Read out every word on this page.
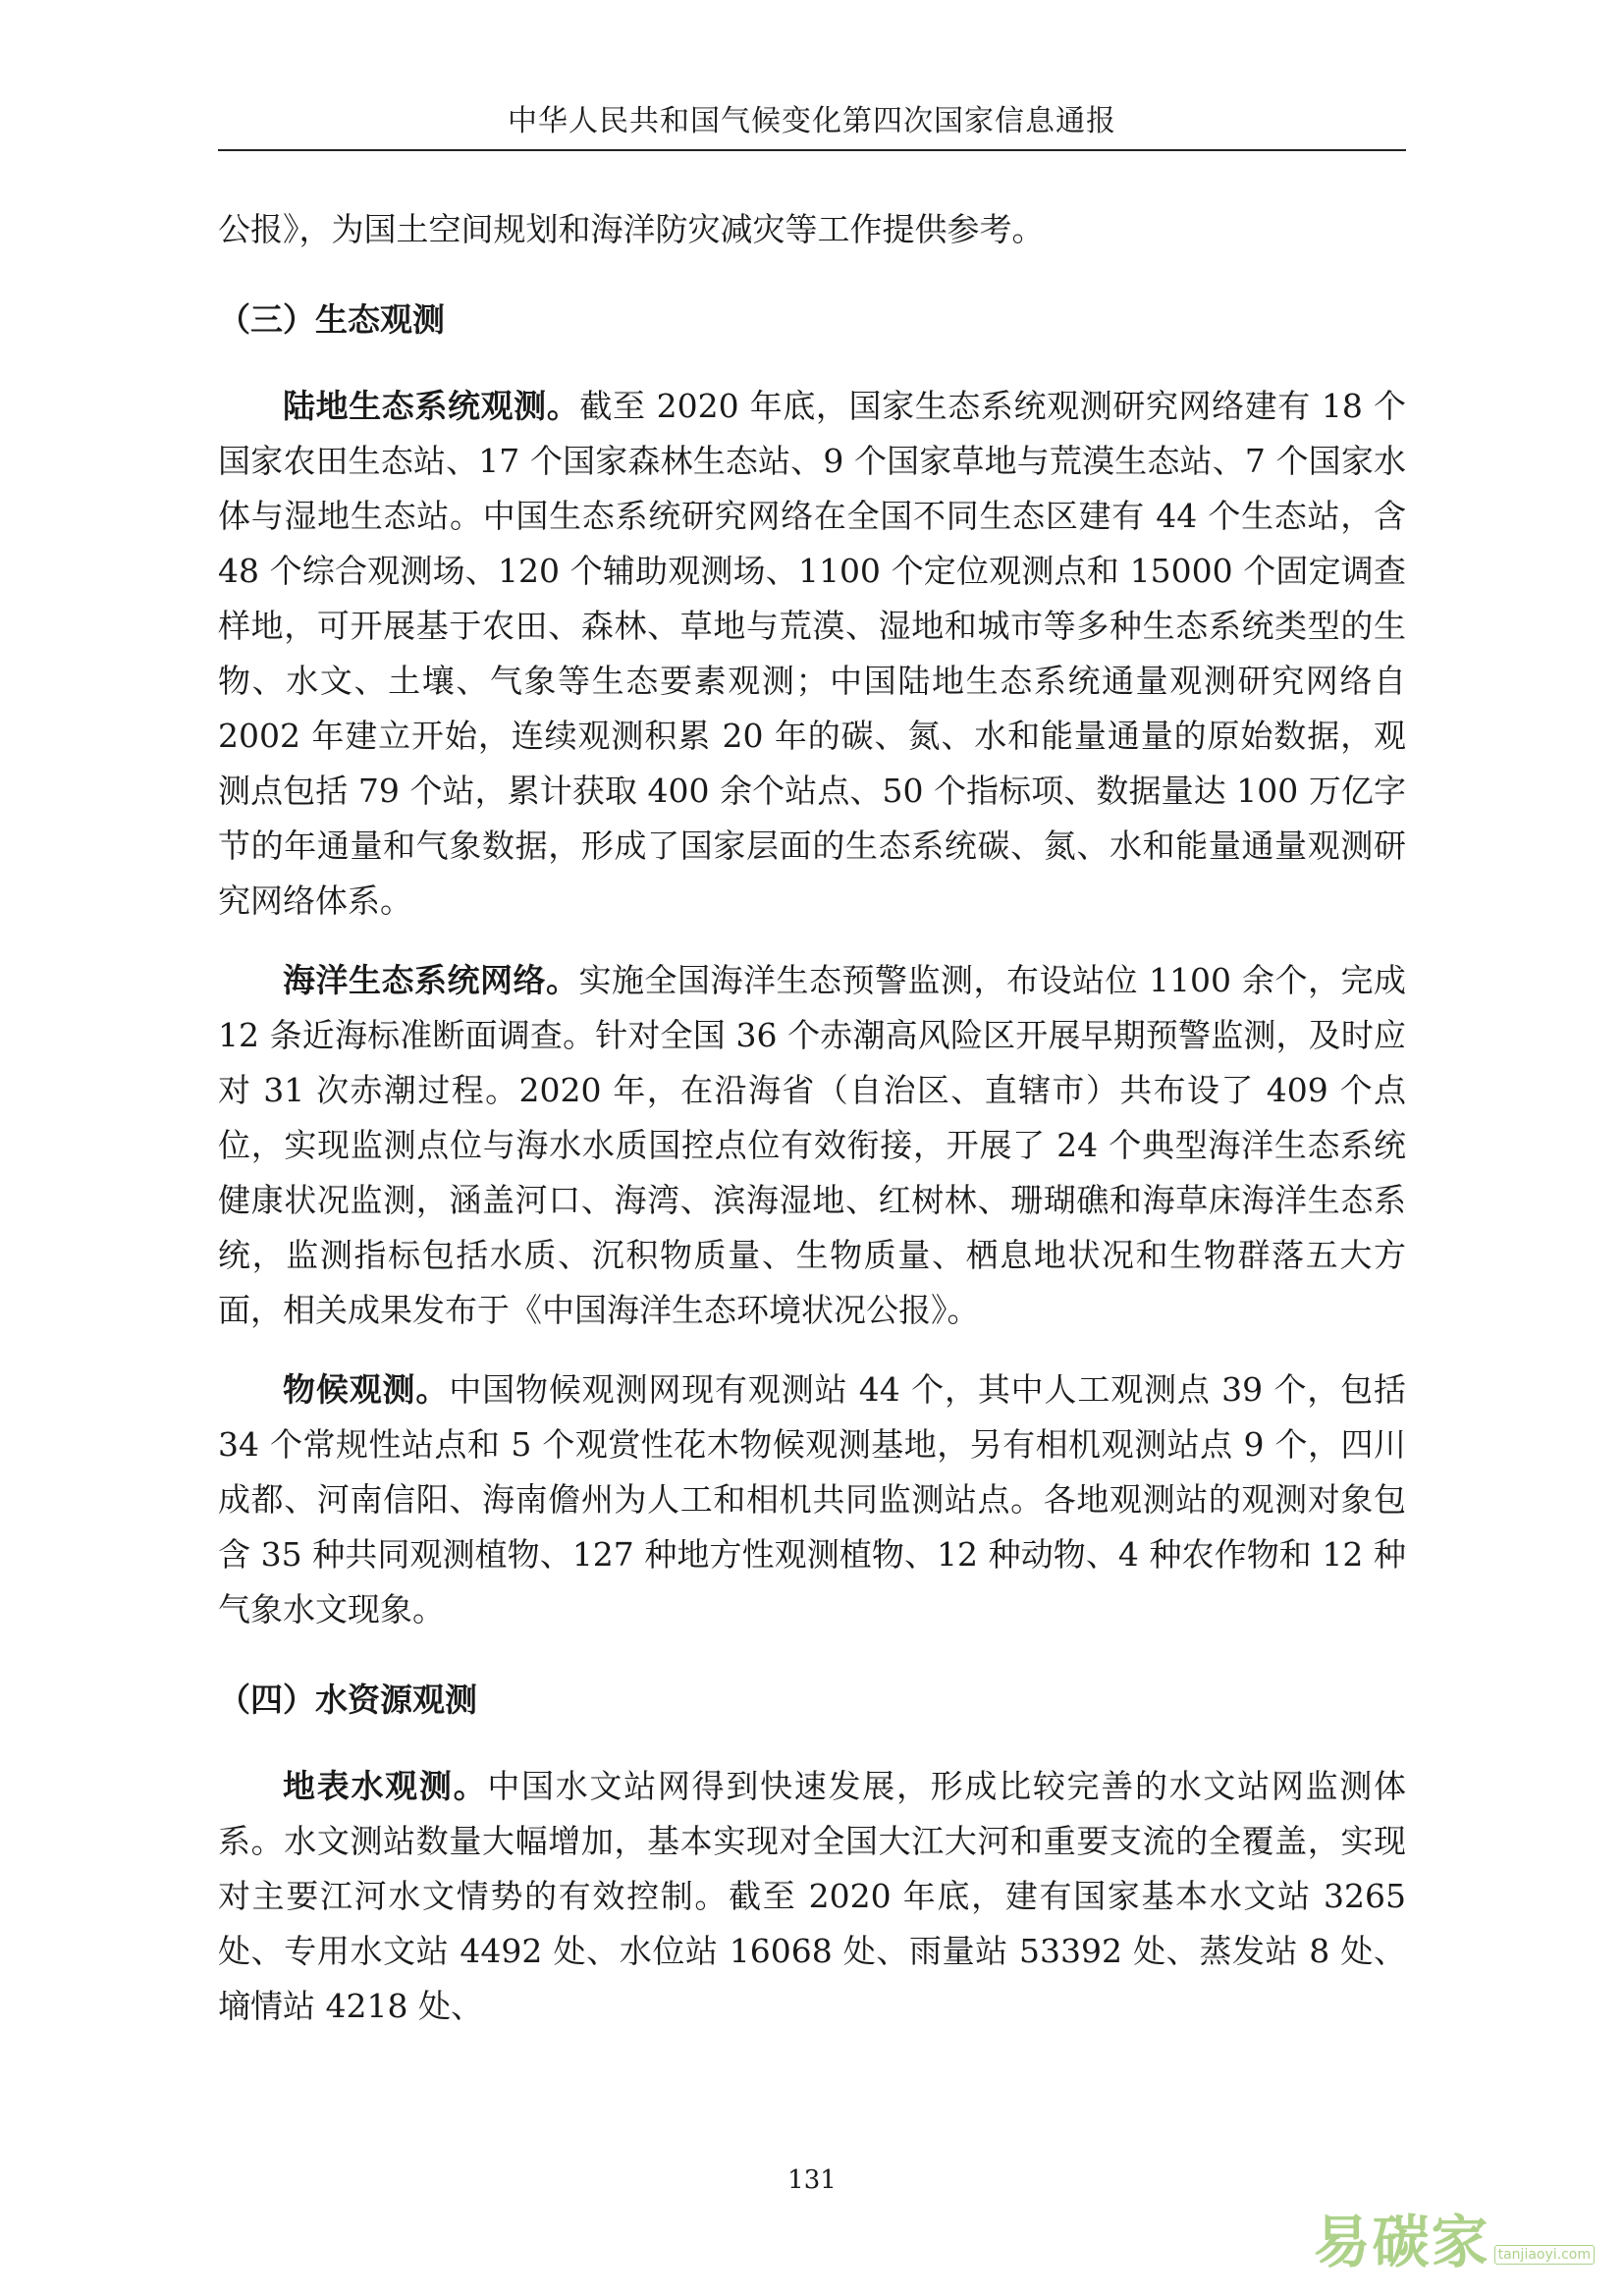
中华人民共和国气候变化第四次国家信息通报

公报》，为国土空间规划和海洋防灾减灾等工作提供参考。

（三）生态观测

陆地生态系统观测。截至 2020 年底，国家生态系统观测研究网络建有 18 个国家农田生态站、17 个国家森林生态站、9 个国家草地与荒漠生态站、7 个国家水体与湿地生态站。中国生态系统研究网络在全国不同生态区建有 44 个生态站，含 48 个综合观测场、120 个辅助观测场、1100 个定位观测点和 15000 个固定调查样地，可开展基于农田、森林、草地与荒漠、湿地和城市等多种生态系统类型的生物、水文、土壤、气象等生态要素观测；中国陆地生态系统通量观测研究网络自 2002 年建立开始，连续观测积累 20 年的碳、氮、水和能量通量的原始数据，观测点包括 79 个站，累计获取 400 余个站点、50 个指标项、数据量达 100 万亿字节的年通量和气象数据，形成了国家层面的生态系统碳、氮、水和能量通量观测研究网络体系。

海洋生态系统网络。实施全国海洋生态预警监测，布设站位 1100 余个，完成 12 条近海标准断面调查。针对全国 36 个赤潮高风险区开展早期预警监测，及时应对 31 次赤潮过程。2020 年，在沿海省（自治区、直辖市）共布设了 409 个点位，实现监测点位与海水水质国控点位有效衔接，开展了 24 个典型海洋生态系统健康状况监测，涵盖河口、海湾、滨海湿地、红树林、珊瑚礁和海草床海洋生态系统，监测指标包括水质、沉积物质量、生物质量、栖息地状况和生物群落五大方面，相关成果发布于《中国海洋生态环境状况公报》。

物候观测。中国物候观测网现有观测站 44 个，其中人工观测点 39 个，包括 34 个常规性站点和 5 个观赏性花木物候观测基地，另有相机观测站点 9 个，四川成都、河南信阳、海南儋州为人工和相机共同监测站点。各地观测站的观测对象包含 35 种共同观测植物、127 种地方性观测植物、12 种动物、4 种农作物和 12 种气象水文现象。

（四）水资源观测

地表水观测。中国水文站网得到快速发展，形成比较完善的水文站网监测体系。水文测站数量大幅增加，基本实现对全国大江大河和重要支流的全覆盖，实现对主要江河水文情势的有效控制。截至 2020 年底，建有国家基本水文站 3265 处、专用水文站 4492 处、水位站 16068 处、雨量站 53392 处、蒸发站 8 处、墒情站 4218 处、

131
易碳家 tanjiaoyi.com
